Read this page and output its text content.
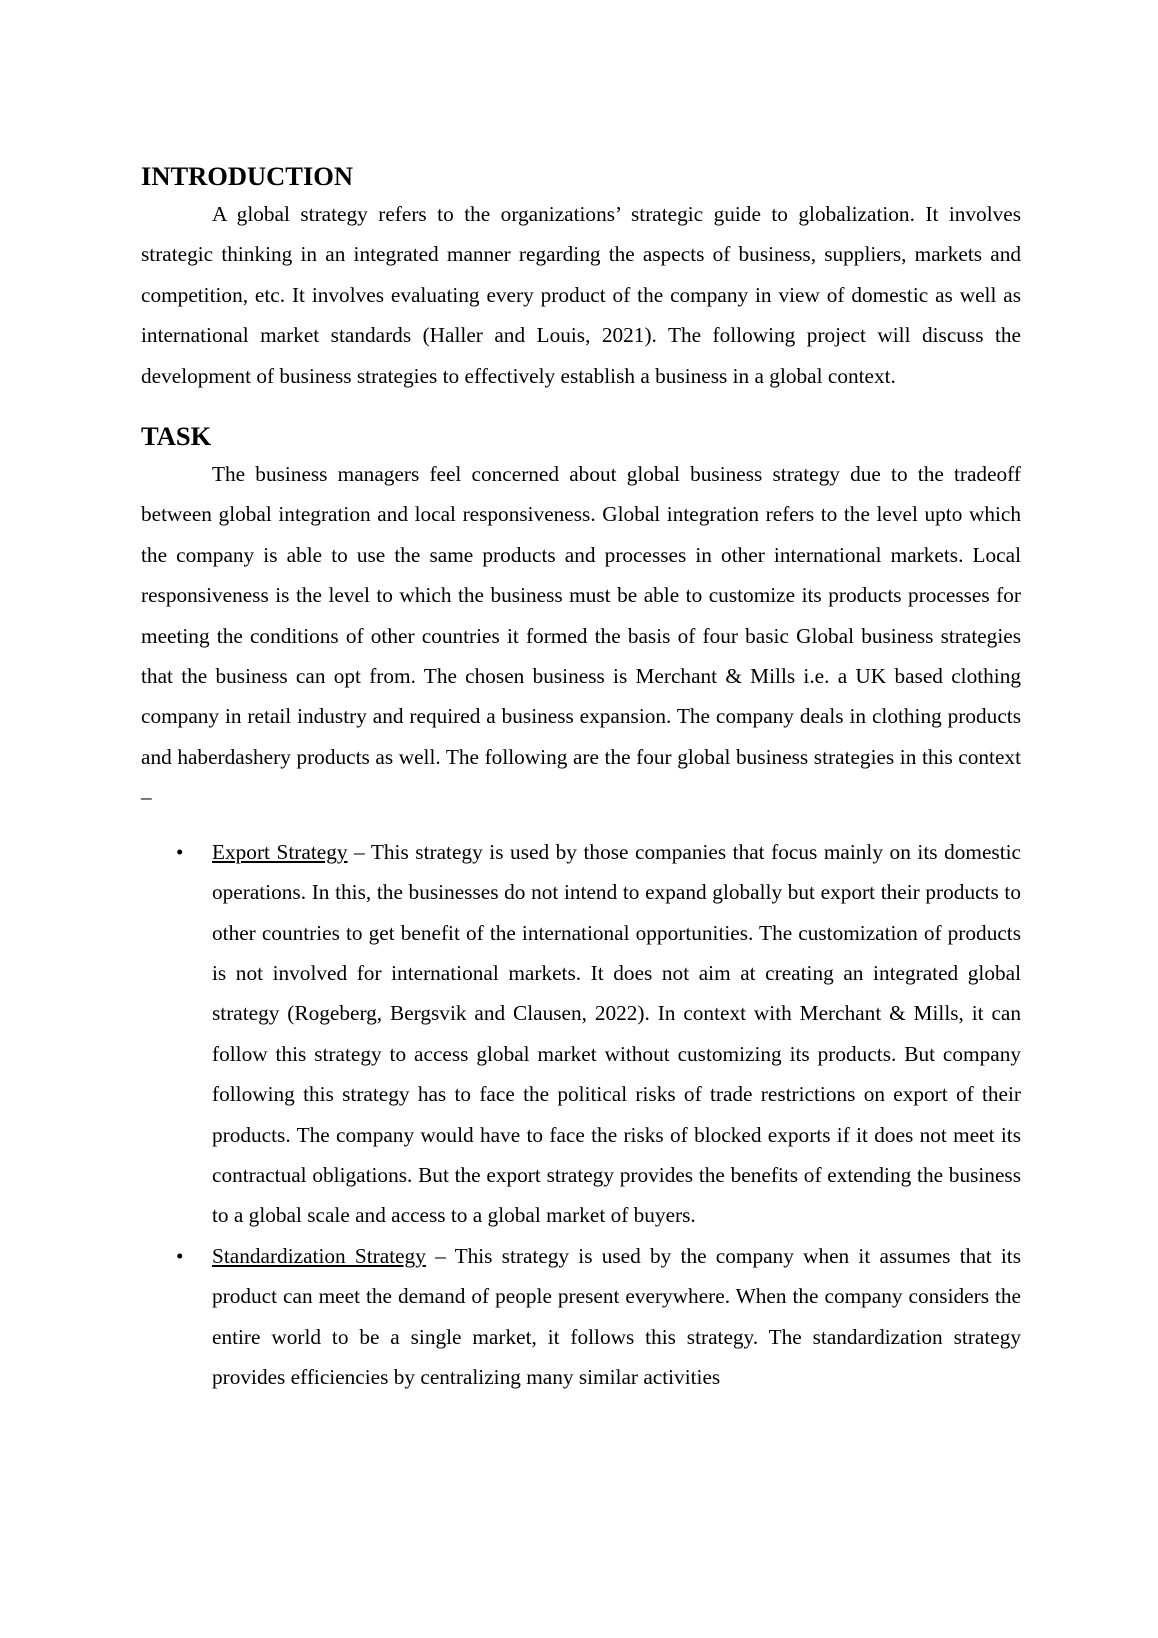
INTRODUCTION

A global strategy refers to the organizations’ strategic guide to globalization. It involves strategic thinking in an integrated manner regarding the aspects of business, suppliers, markets and competition, etc. It involves evaluating every product of the company in view of domestic as well as international market standards (Haller and Louis, 2021). The following project will discuss the development of business strategies to effectively establish a business in a global context.

TASK

The business managers feel concerned about global business strategy due to the tradeoff between global integration and local responsiveness. Global integration refers to the level upto which the company is able to use the same products and processes in other international markets. Local responsiveness is the level to which the business must be able to customize its products processes for meeting the conditions of other countries it formed the basis of four basic Global business strategies that the business can opt from. The chosen business is Merchant & Mills i.e. a UK based clothing company in retail industry and required a business expansion. The company deals in clothing products and haberdashery products as well. The following are the four global business strategies in this context –

• Export Strategy – This strategy is used by those companies that focus mainly on its domestic operations. In this, the businesses do not intend to expand globally but export their products to other countries to get benefit of the international opportunities. The customization of products is not involved for international markets. It does not aim at creating an integrated global strategy (Rogeberg, Bergsvik and Clausen, 2022). In context with Merchant & Mills, it can follow this strategy to access global market without customizing its products. But company following this strategy has to face the political risks of trade restrictions on export of their products. The company would have to face the risks of blocked exports if it does not meet its contractual obligations. But the export strategy provides the benefits of extending the business to a global scale and access to a global market of buyers.
• Standardization Strategy – This strategy is used by the company when it assumes that its product can meet the demand of people present everywhere. When the company considers the entire world to be a single market, it follows this strategy. The standardization strategy provides efficiencies by centralizing many similar activities
